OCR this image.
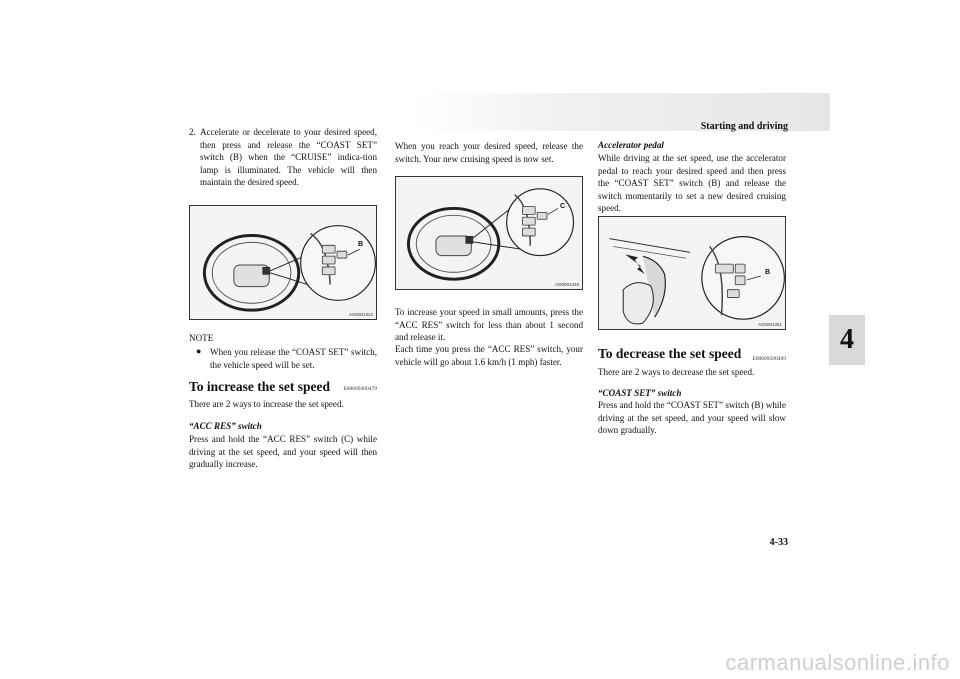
Starting and driving
4
2. Accelerate or decelerate to your desired speed, then press and release the “COAST SET” switch (B) when the “CRUISE” indica-tion lamp is illuminated. The vehicle will then maintain the desired speed.

B
AG0001322
NOTE
● When you release the “COAST SET” switch, the vehicle speed will be set.

To increase the set speed E00609400479

There are 2 ways to increase the set speed.

“ACC RES” switch

Press and hold the “ACC RES” switch (C) while driving at the set speed, and your speed will then gradually increase.

When you reach your desired speed, release the switch. Your new cruising speed is now set.

C
AG0001348

To increase your speed in small amounts, press the “ACC RES” switch for less than about 1 second and release it.

Each time you press the “ACC RES” switch, your vehicle will go about 1.6 km/h (1 mph) faster.

Accelerator pedal

While driving at the set speed, use the accelerator pedal to reach your desired speed and then press the “COAST SET” switch (B) and release the switch momentarily to set a new desired cruising speed.

B
AG0001351
To decrease the set speed E00609500409

There are 2 ways to decrease the set speed.

“COAST SET” switch

Press and hold the “COAST SET” switch (B) while driving at the set speed, and your speed will slow down gradually.

4-33
carmanualsonline.info
